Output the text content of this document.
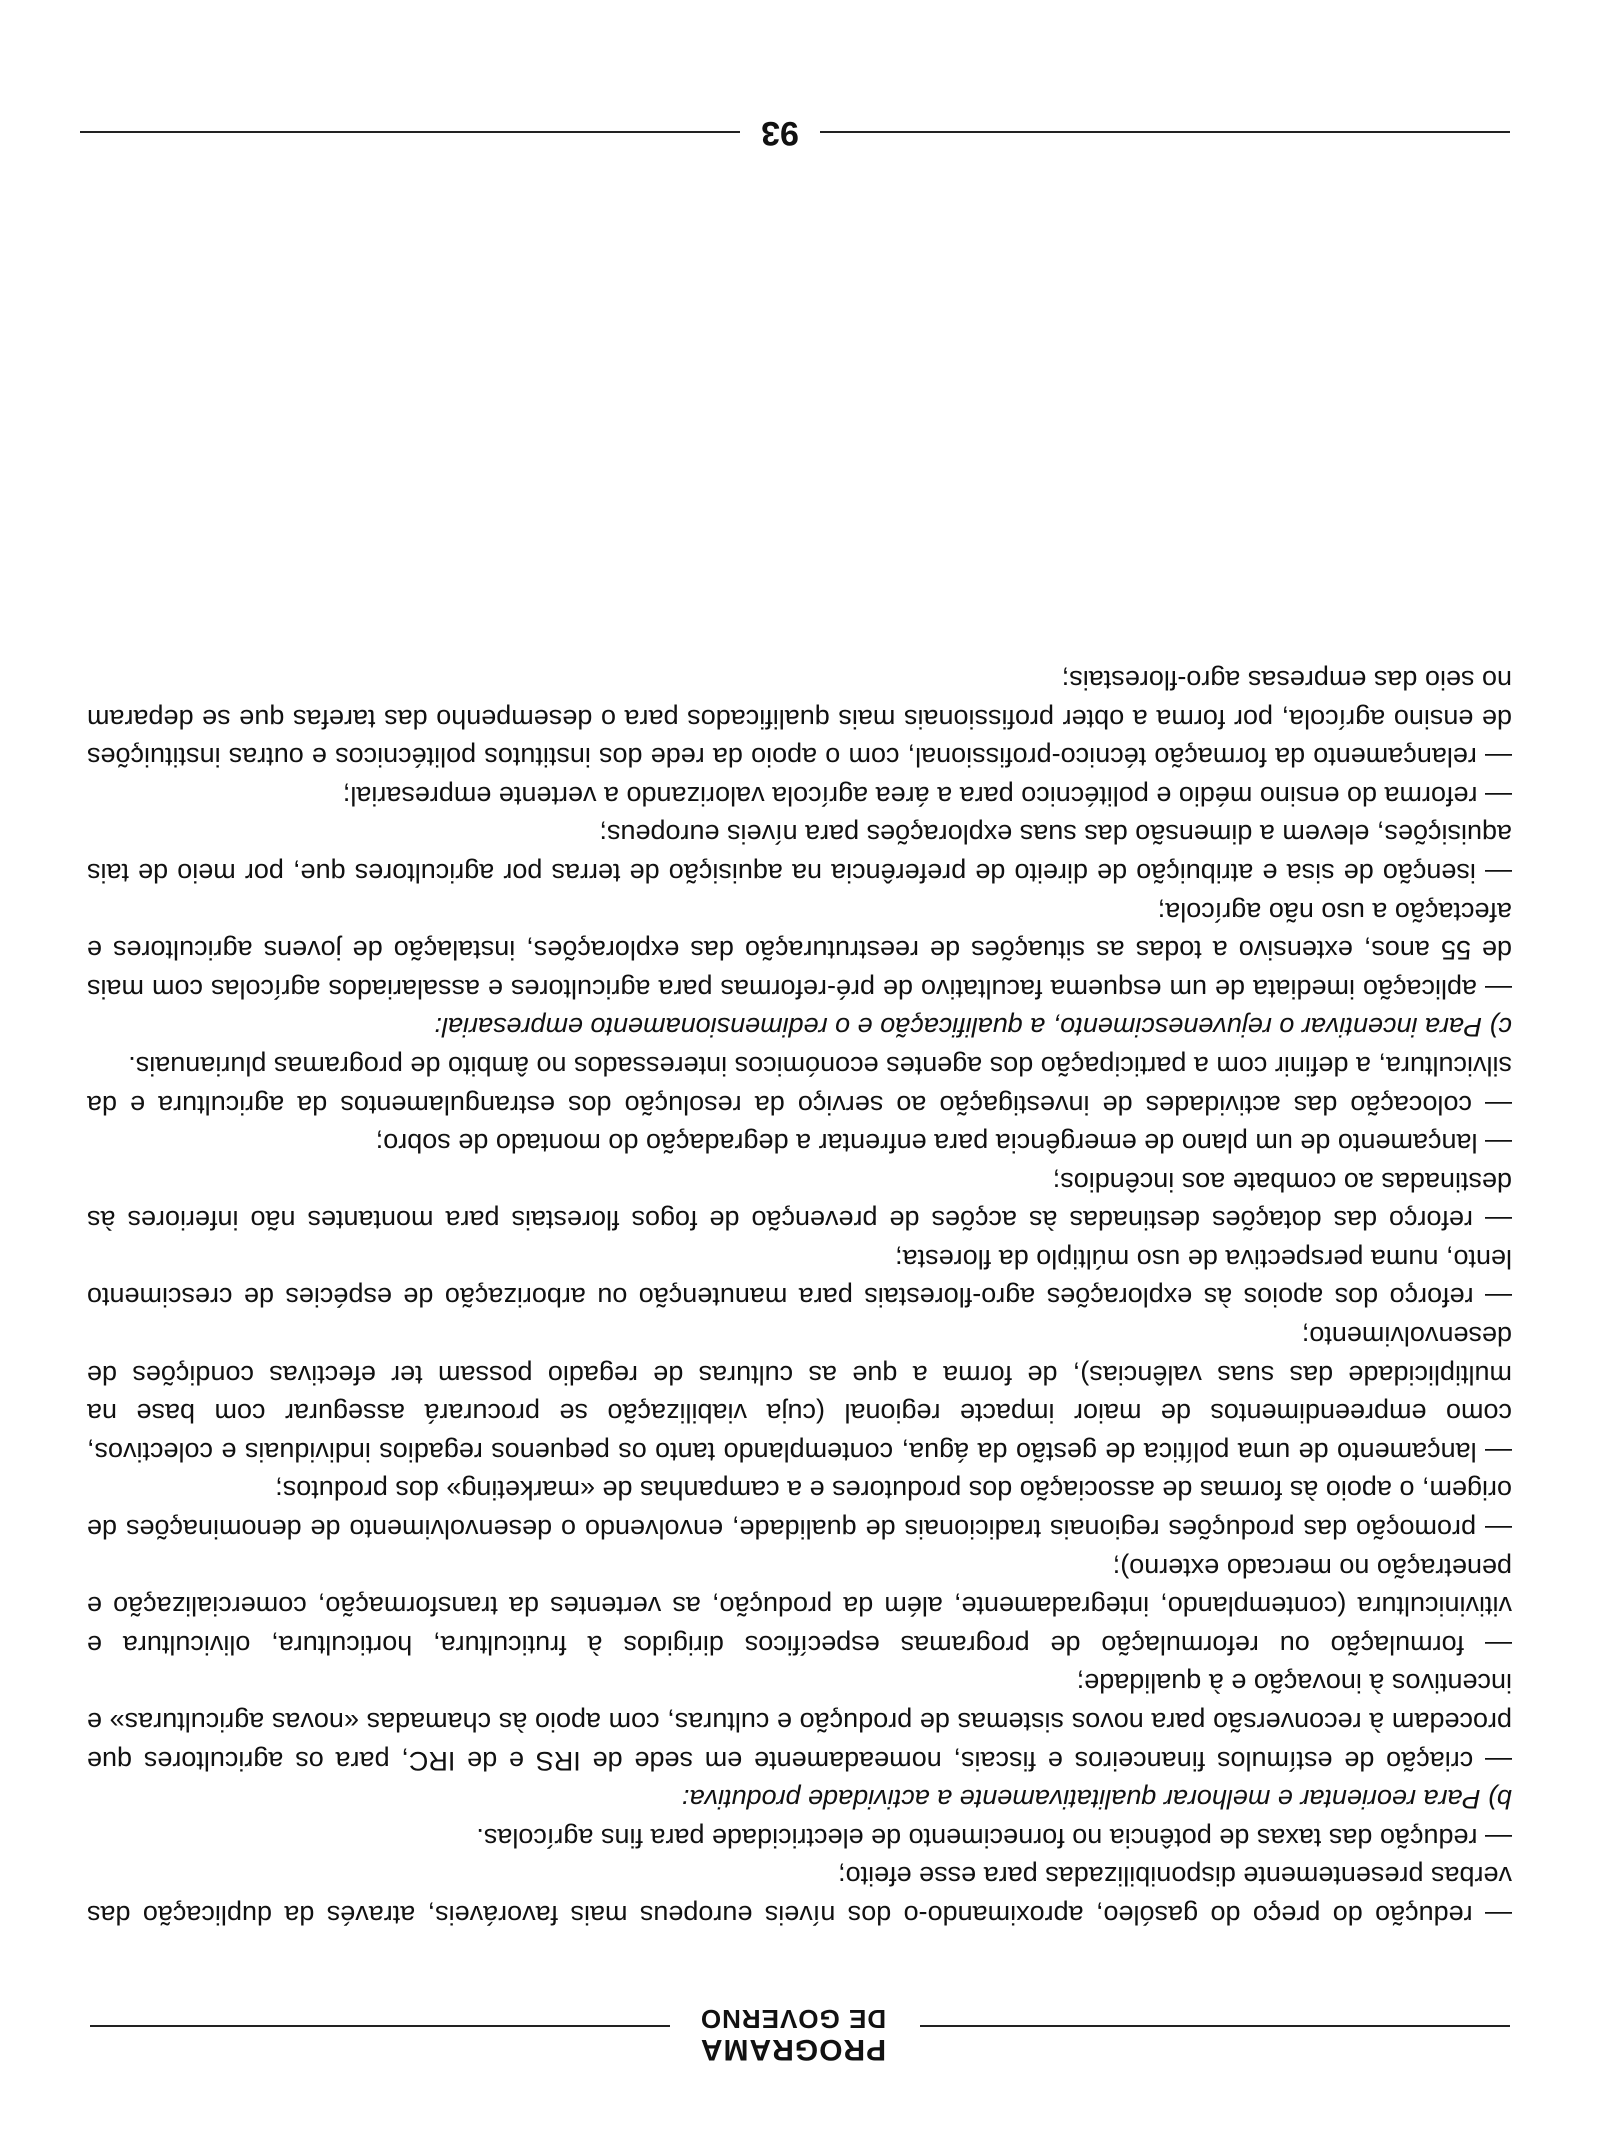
PROGRAMA
DE GOVERNO

— redução do preço do gasóleo, aproximando-o dos níveis europeus mais favoráveis, através da duplicação das verbas presentemente disponibilizadas para esse efeito;

— redução das taxas de potência no fornecimento de electricidade para fins agrícolas.

b) Para reorientar e melhorar qualitativamente a actividade produtiva:

— criação de estímulos financeiros e fiscais, nomeadamente em sede de IRS e de IRC, para os agricultores que procedam à reconversão para novos sistemas de produção e culturas, com apoio às chamadas «novas agriculturas» e incentivos à inovação e à qualidade;

— formulação ou reformulação de programas específicos dirigidos à fruticultura, horticultura, olivicultura e vitivinicultura (contemplando, integradamente, além da produção, as vertentes da transformação, comercialização e penetração no mercado externo);

— promoção das produções regionais tradicionais de qualidade, envolvendo o desenvolvimento de denominações de origem, o apoio às formas de associação dos produtores e a campanhas de «marketing» dos produtos;

— lançamento de uma política de gestão da água, contemplando tanto os pequenos regadios individuais e colectivos, como empreendimentos de maior impacte regional (cuja viabilização se procurará assegurar com base na multiplicidade das suas valências), de forma a que as culturas de regadio possam ter efectivas condições de desenvolvimento;

— reforço dos apoios às explorações agro-florestais para manutenção ou arborização de espécies de crescimento lento, numa perspectiva de uso múltiplo da floresta;

— reforço das dotações destinadas às acções de prevenção de fogos florestais para montantes não inferiores às destinadas ao combate aos incêndios;

— lançamento de um plano de emergência para enfrentar a degradação do montado de sobro;

— colocação das actividades de investigação ao serviço da resolução dos estrangulamentos da agricultura e da silvicultura, a definir com a participação dos agentes económicos interessados no âmbito de programas plurianuais.

c) Para incentivar o rejuvenescimento, a qualificação e o redimensionamento empresarial:

— aplicação imediata de um esquema facultativo de pré-reformas para agricultores e assalariados agrícolas com mais de 55 anos, extensivo a todas as situações de reestruturação das explorações, instalação de jovens agricultores e afectação a uso não agrícola;

— isenção de sisa e atribuição de direito de preferência na aquisição de terras por agricultores que, por meio de tais aquisições, elevem a dimensão das suas explorações para níveis europeus;

— reforma do ensino médio e politécnico para a área agrícola valorizando a vertente empresarial;

— relançamento da formação técnico-profissional, com o apoio da rede dos institutos politécnicos e outras instituições de ensino agrícola, por forma a obter profissionais mais qualificados para o desempenho das tarefas que se deparam no seio das empresas agro-florestais;

93
